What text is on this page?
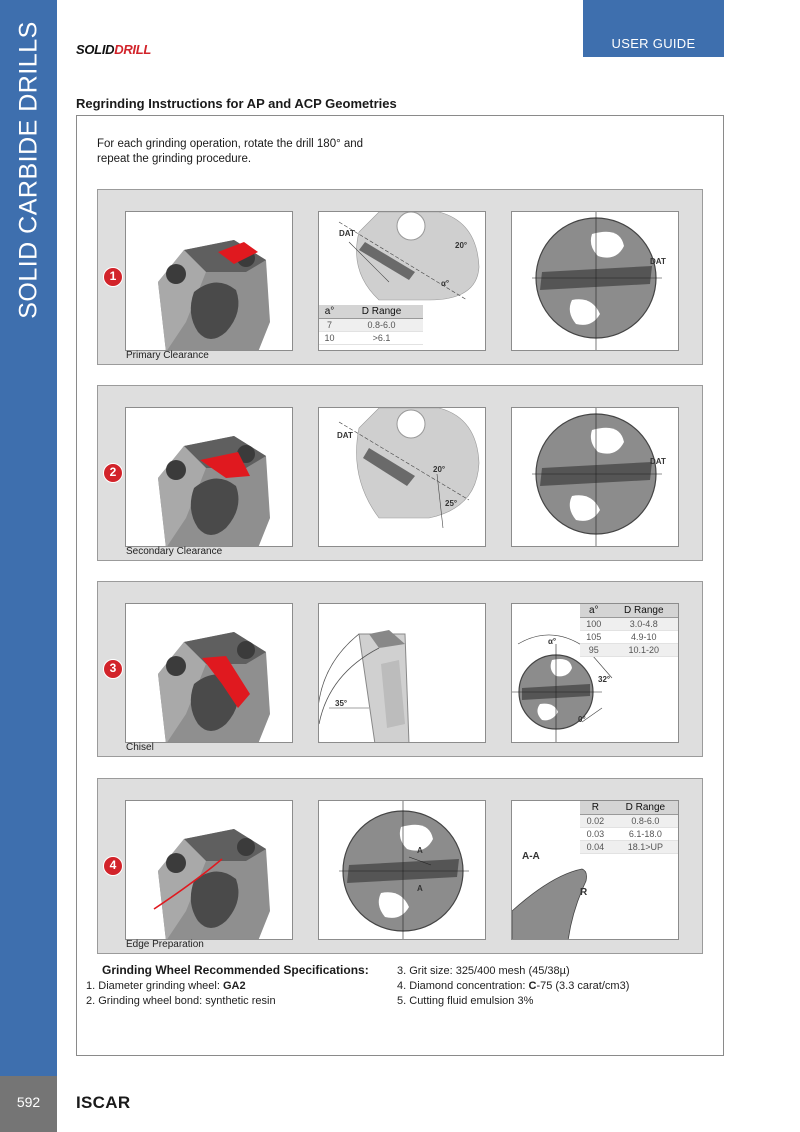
SOLID CARBIDE DRILLS
592
USER GUIDE
SOLIDDRILL
Regrinding Instructions for AP and ACP Geometries
For each grinding operation, rotate the drill 180° and repeat the grinding procedure.
1
DAT
20°
α°
a°	D Range
7	0.8-6.0
10	>6.1
DAT
Primary Clearance
2
DAT
20°
25°
DAT
Secondary Clearance
3
35°
α°
32°
0°
a°	D Range
100	3.0-4.8
105	4.9-10
95	10.1-20
Chisel
4
A
A
A-A
R
R	D Range
0.02	0.8-6.0
0.03	6.1-18.0
0.04	18.1>UP
Edge Preparation
Grinding Wheel Recommended Specifications:
1. Diameter grinding wheel: GA2
2. Grinding wheel bond: synthetic resin
3. Grit size: 325/400 mesh (45/38µ)
4. Diamond concentration: C-75 (3.3 carat/cm3)
5. Cutting fluid emulsion 3%
ISCAR
